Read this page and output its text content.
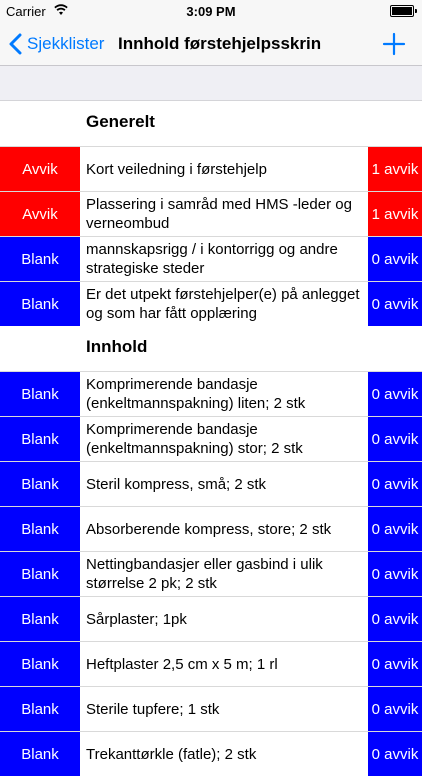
Carrier	3:09 PM
Sjekklister Innhold førstehjelpsskrin
Generelt
Avvik	Kort veiledning i førstehjelp	1 avvik
Avvik
Plassering i samråd med HMS -leder og verneombud
1 avvik
Blank
mannskapsrigg / i kontorrigg og andre strategiske steder
0 avvik
Blank
Er det utpekt førstehjelper(e) på anlegget og som har fått opplæring
0 avvik
Innhold
Blank
Komprimerende bandasje (enkeltmannspakning) liten; 2 stk
0 avvik
Blank
Komprimerende bandasje (enkeltmannspakning) stor; 2 stk
0 avvik
Blank	Steril kompress, små; 2 stk	0 avvik
Blank	Absorberende kompress, store; 2 stk	0 avvik
Blank
Nettingbandasjer eller gasbind i ulik størrelse 2 pk; 2 stk
0 avvik
Blank	Sårplaster; 1pk	0 avvik
Blank	Heftplaster 2,5 cm x 5 m; 1 rl	0 avvik
Blank	Sterile tupfere; 1 stk	0 avvik
Blank	Trekanttørkle (fatle); 2 stk	0 avvik
